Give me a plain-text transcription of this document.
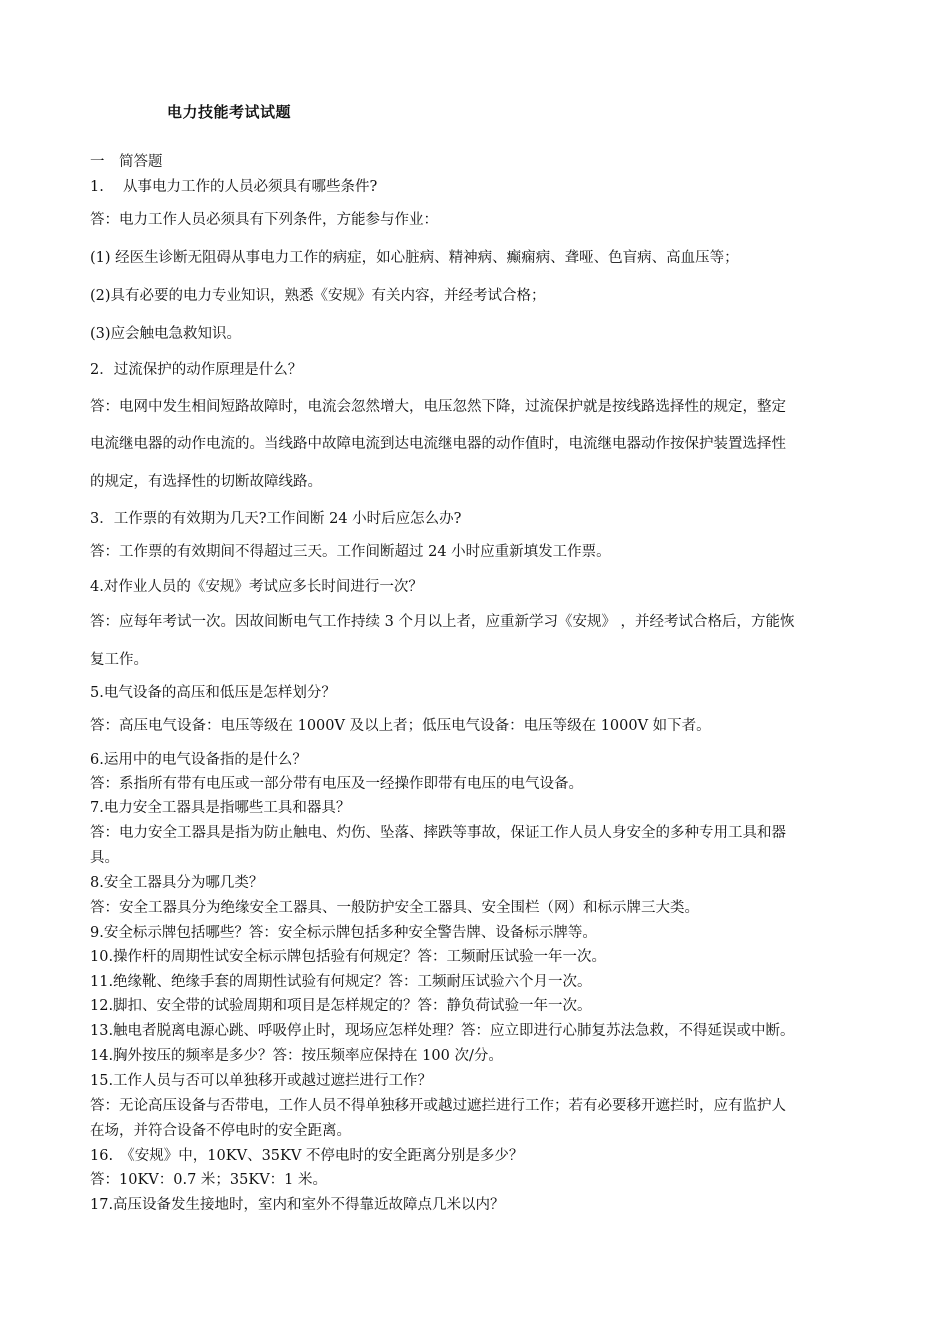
电力技能考试试题
一　简答题
1.　 从事电力工作的人员必须具有哪些条件?
答：电力工作人员必须具有下列条件，方能参与作业：
(1) 经医生诊断无阻碍从事电力工作的病症，如心脏病、精神病、癫痫病、聋哑、色盲病、高血压等；
(2)具有必要的电力专业知识，熟悉《安规》有关内容，并经考试合格；
(3)应会触电急救知识。
2．过流保护的动作原理是什么？
答：电网中发生相间短路故障时，电流会忽然增大，电压忽然下降，过流保护就是按线路选择性的规定，整定
电流继电器的动作电流的。当线路中故障电流到达电流继电器的动作值时，电流继电器动作按保护装置选择性
的规定，有选择性的切断故障线路。
3．工作票的有效期为几天?工作间断 24 小时后应怎么办?
答：工作票的有效期间不得超过三天。工作间断超过 24 小时应重新填发工作票。
4.对作业人员的《安规》考试应多长时间进行一次？
答：应每年考试一次。因故间断电气工作持续 3 个月以上者，应重新学习《安规》 ，并经考试合格后，方能恢
复工作。
5.电气设备的高压和低压是怎样划分？
答：高压电气设备：电压等级在 1000V 及以上者；低压电气设备：电压等级在 1000V 如下者。
6.运用中的电气设备指的是什么？
答：系指所有带有电压或一部分带有电压及一经操作即带有电压的电气设备。
7.电力安全工器具是指哪些工具和器具？
答：电力安全工器具是指为防止触电、灼伤、坠落、摔跌等事故，保证工作人员人身安全的多种专用工具和器
具。
8.安全工器具分为哪几类？
答：安全工器具分为绝缘安全工器具、一般防护安全工器具、安全围栏（网）和标示牌三大类。
9.安全标示牌包括哪些？答：安全标示牌包括多种安全警告牌、设备标示牌等。
10.操作杆的周期性试安全标示牌包括验有何规定？答：工频耐压试验一年一次。
11.绝缘靴、绝缘手套的周期性试验有何规定？答：工频耐压试验六个月一次。
12.脚扣、安全带的试验周期和项目是怎样规定的？答：静负荷试验一年一次。
13.触电者脱离电源心跳、呼吸停止时，现场应怎样处理？答：应立即进行心肺复苏法急救，不得延误或中断。
14.胸外按压的频率是多少？答：按压频率应保持在 100 次/分。
15.工作人员与否可以单独移开或越过遮拦进行工作？
答：无论高压设备与否带电，工作人员不得单独移开或越过遮拦进行工作；若有必要移开遮拦时，应有监护人
在场，并符合设备不停电时的安全距离。
16.　《安规》中，10KV、35KV 不停电时的安全距离分别是多少？
答：10KV：0.7 米；35KV：1 米。
17.高压设备发生接地时，室内和室外不得靠近故障点几米以内？
